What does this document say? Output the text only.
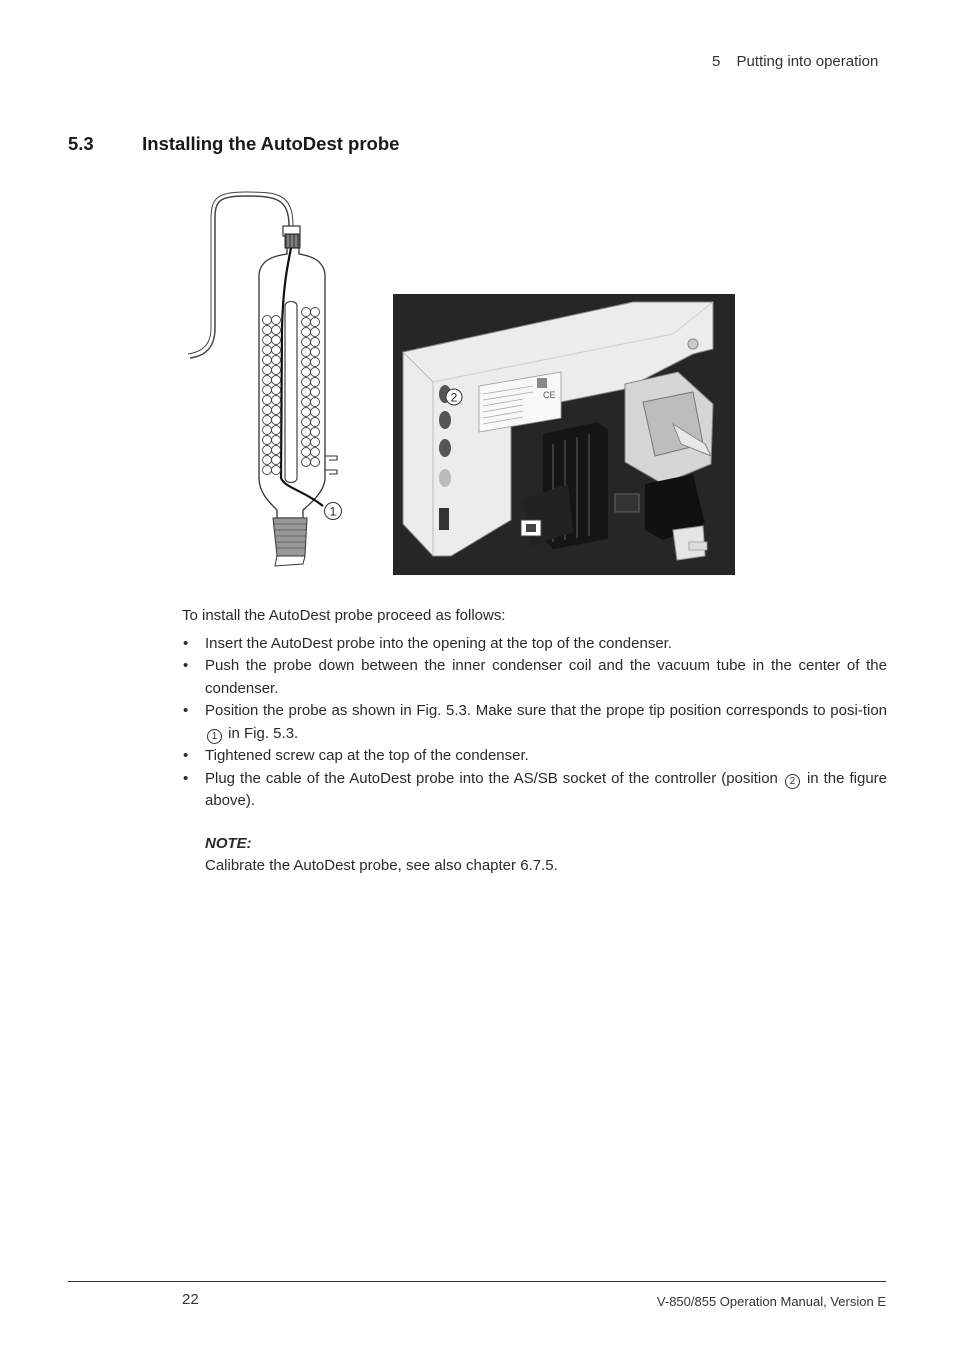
5 Putting into operation
5.3	Installing the AutoDest probe
1
CE
2

To install the AutoDest probe proceed as follows:

• Insert the AutoDest probe into the opening at the top of the condenser.
• Push the probe down between the inner condenser coil and the vacuum tube in the center of the condenser.
• Position the probe as shown in Fig. 5.3. Make sure that the prope tip position corresponds to posi-tion 1 in Fig. 5.3.
• Tightened screw cap at the top of the condenser.
• Plug the cable of the AutoDest probe into the AS/SB socket of the controller (position 2 in the figure above).
NOTE:
Calibrate the AutoDest probe, see also chapter 6.7.5.
22	V-850/855 Operation Manual, Version E
